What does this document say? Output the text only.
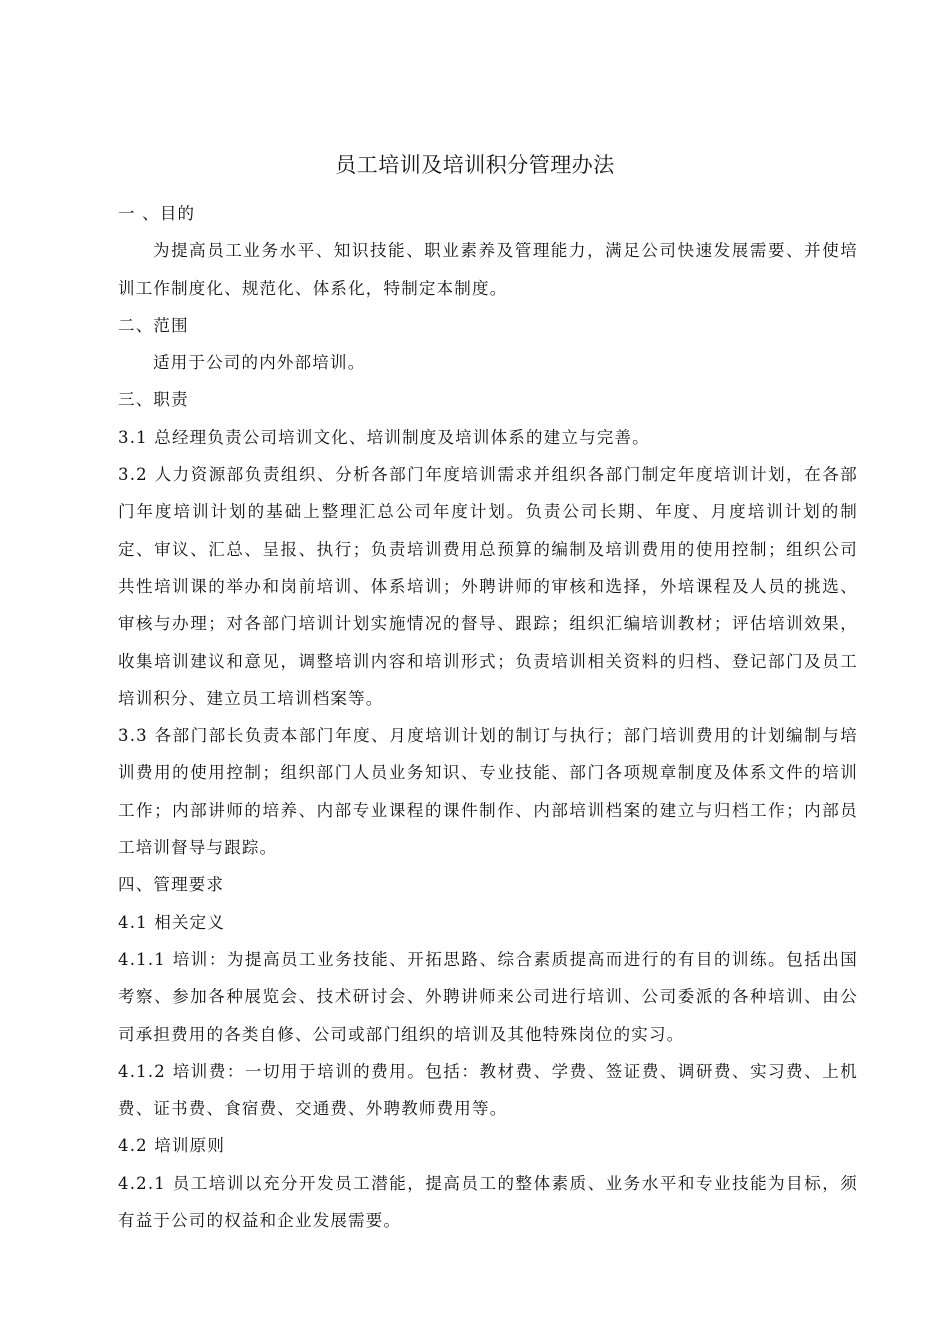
员工培训及培训积分管理办法

一 、目的

为提高员工业务水平、知识技能、职业素养及管理能力，满足公司快速发展需要、并使培训工作制度化、规范化、体系化，特制定本制度。

二、范围

适用于公司的内外部培训。

三、职责

3.1 总经理负责公司培训文化、培训制度及培训体系的建立与完善。

3.2 人力资源部负责组织、分析各部门年度培训需求并组织各部门制定年度培训计划，在各部门年度培训计划的基础上整理汇总公司年度计划。负责公司长期、年度、月度培训计划的制定、审议、汇总、呈报、执行；负责培训费用总预算的编制及培训费用的使用控制；组织公司共性培训课的举办和岗前培训、体系培训；外聘讲师的审核和选择，外培课程及人员的挑选、审核与办理；对各部门培训计划实施情况的督导、跟踪；组织汇编培训教材；评估培训效果，收集培训建议和意见，调整培训内容和培训形式；负责培训相关资料的归档、登记部门及员工培训积分、建立员工培训档案等。

3.3 各部门部长负责本部门年度、月度培训计划的制订与执行；部门培训费用的计划编制与培训费用的使用控制；组织部门人员业务知识、专业技能、部门各项规章制度及体系文件的培训工作；内部讲师的培养、内部专业课程的课件制作、内部培训档案的建立与归档工作；内部员工培训督导与跟踪。

四、管理要求

4.1 相关定义

4.1.1 培训：为提高员工业务技能、开拓思路、综合素质提高而进行的有目的训练。包括出国考察、参加各种展览会、技术研讨会、外聘讲师来公司进行培训、公司委派的各种培训、由公司承担费用的各类自修、公司或部门组织的培训及其他特殊岗位的实习。

4.1.2 培训费：一切用于培训的费用。包括：教材费、学费、签证费、调研费、实习费、上机费、证书费、食宿费、交通费、外聘教师费用等。

4.2 培训原则

4.2.1 员工培训以充分开发员工潜能，提高员工的整体素质、业务水平和专业技能为目标，须有益于公司的权益和企业发展需要。
